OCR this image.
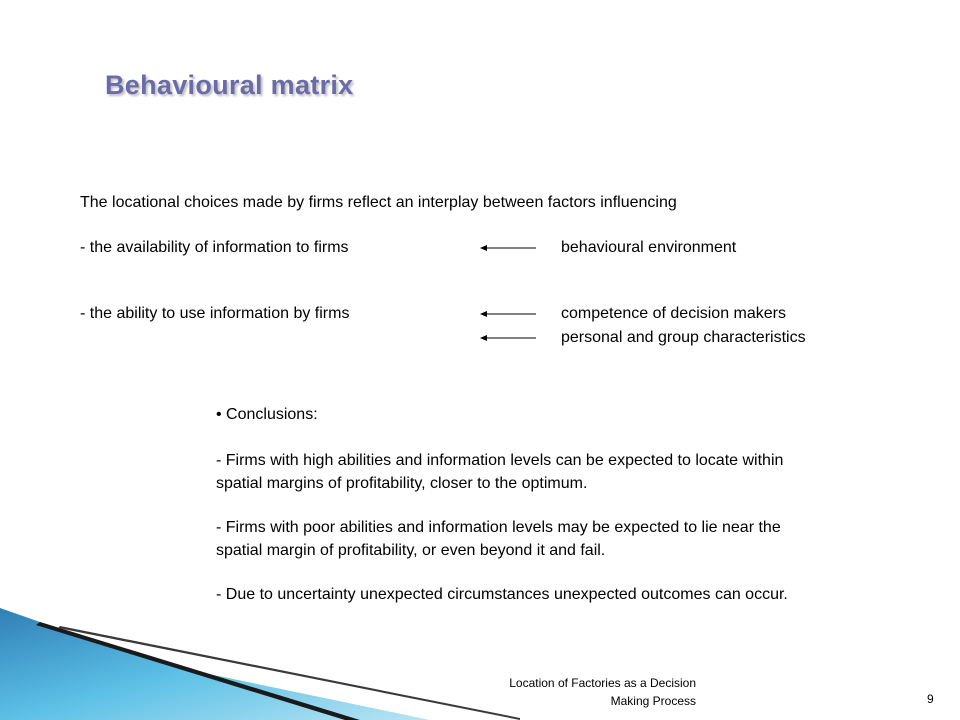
Behavioural matrix
The locational choices made by firms reflect an interplay between factors influencing
- the availability of information to firms	behavioural environment
- the ability to use information by firms	competence of decision makers
personal and group characteristics
• Conclusions:
- Firms with high abilities and information levels can be expected to locate within
spatial margins of profitability, closer to the optimum.
- Firms with poor abilities and information levels may be expected to lie near the
spatial margin of profitability, or even beyond it and fail.
- Due to uncertainty unexpected circumstances unexpected outcomes can occur.
Location of Factories as a Decision
Making Process	9
